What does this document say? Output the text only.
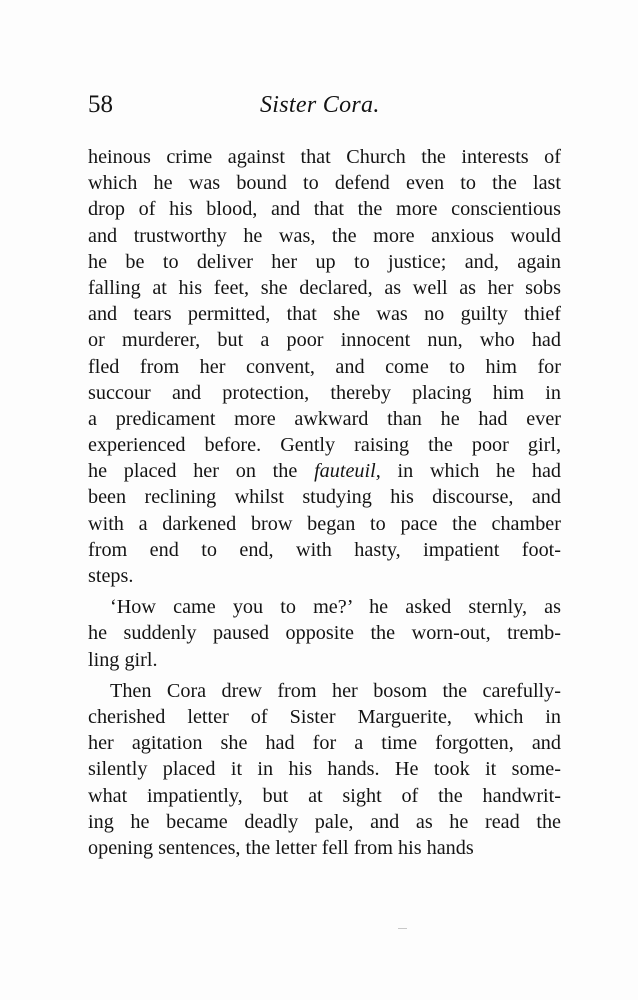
58	Sister Cora.
heinous crime against that Church the interests of
which he was bound to defend even to the last
drop of his blood, and that the more conscientious
and trustworthy he was, the more anxious would
he be to deliver her up to justice; and, again
falling at his feet, she declared, as well as her sobs
and tears permitted, that she was no guilty thief
or murderer, but a poor innocent nun, who had
fled from her convent, and come to him for
succour and protection, thereby placing him in
a predicament more awkward than he had ever
experienced before. Gently raising the poor girl,
he placed her on the fauteuil, in which he had
been reclining whilst studying his discourse, and
with a darkened brow began to pace the chamber
from end to end, with hasty, impatient foot-
steps.
‘How came you to me?’ he asked sternly, as
he suddenly paused opposite the worn-out, tremb-
ling girl.
Then Cora drew from her bosom the carefully-
cherished letter of Sister Marguerite, which in
her agitation she had for a time forgotten, and
silently placed it in his hands. He took it some-
what impatiently, but at sight of the handwrit-
ing he became deadly pale, and as he read the
opening sentences, the letter fell from his hands
